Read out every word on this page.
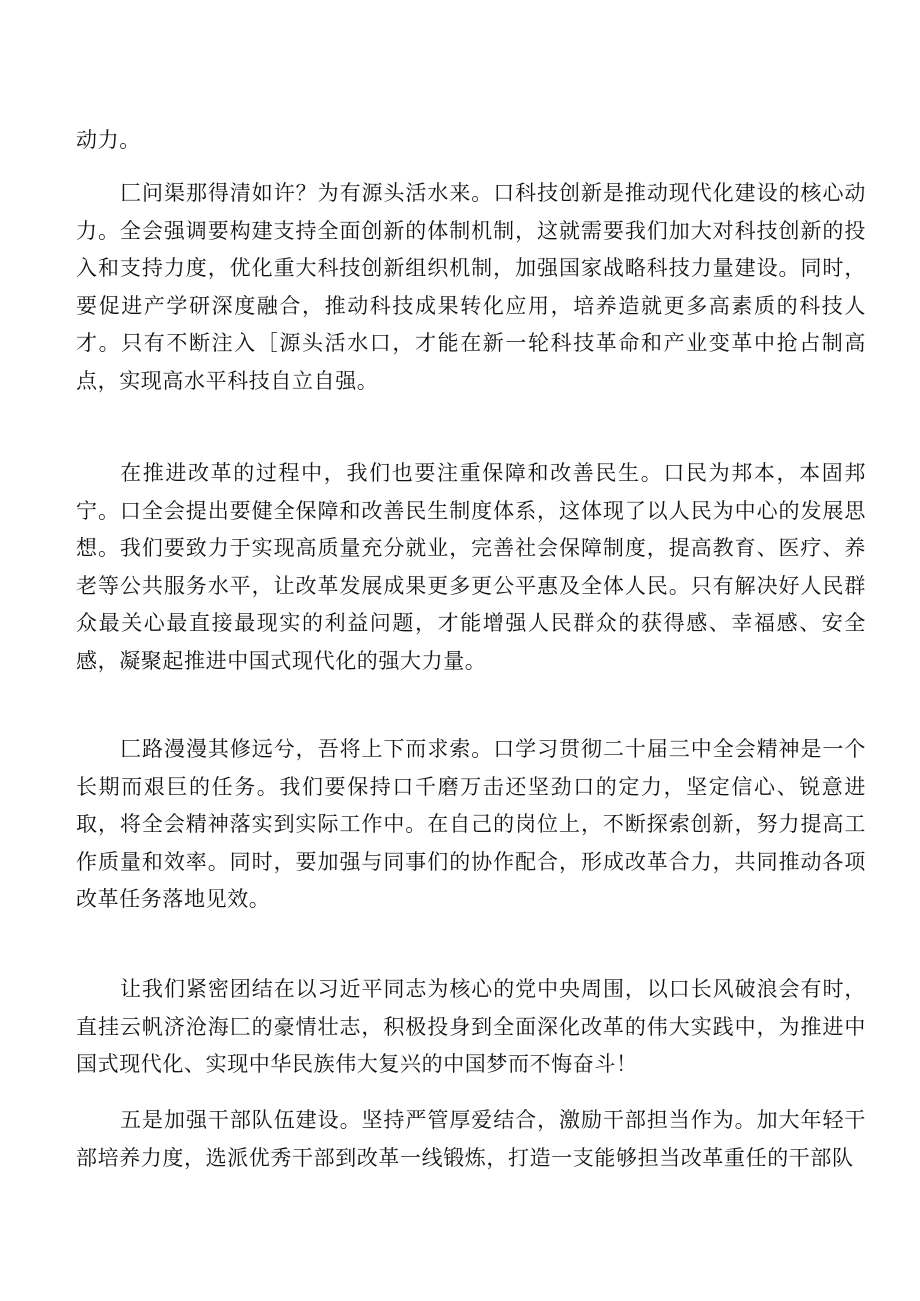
动力。

匚问渠那得清如许？为有源头活水来。口科技创新是推动现代化建设的核心动力。全会强调要构建支持全面创新的体制机制，这就需要我们加大对科技创新的投入和支持力度，优化重大科技创新组织机制，加强国家战略科技力量建设。同时，要促进产学研深度融合，推动科技成果转化应用，培养造就更多高素质的科技人才。只有不断注入［源头活水口，才能在新一轮科技革命和产业变革中抢占制高点，实现高水平科技自立自强。

在推进改革的过程中，我们也要注重保障和改善民生。口民为邦本，本固邦宁。口全会提出要健全保障和改善民生制度体系，这体现了以人民为中心的发展思想。我们要致力于实现高质量充分就业，完善社会保障制度，提高教育、医疗、养老等公共服务水平，让改革发展成果更多更公平惠及全体人民。只有解决好人民群众最关心最直接最现实的利益问题，才能增强人民群众的获得感、幸福感、安全感，凝聚起推进中国式现代化的强大力量。

匚路漫漫其修远兮，吾将上下而求索。口学习贯彻二十届三中全会精神是一个长期而艰巨的任务。我们要保持口千磨万击还坚劲口的定力，坚定信心、锐意进取，将全会精神落实到实际工作中。在自己的岗位上，不断探索创新，努力提高工作质量和效率。同时，要加强与同事们的协作配合，形成改革合力，共同推动各项改革任务落地见效。

让我们紧密团结在以习近平同志为核心的党中央周围，以口长风破浪会有时，直挂云帆济沧海匚的豪情壮志，积极投身到全面深化改革的伟大实践中，为推进中国式现代化、实现中华民族伟大复兴的中国梦而不悔奋斗！

五是加强干部队伍建设。坚持严管厚爱结合，激励干部担当作为。加大年轻干部培养力度，选派优秀干部到改革一线锻炼，打造一支能够担当改革重任的干部队
